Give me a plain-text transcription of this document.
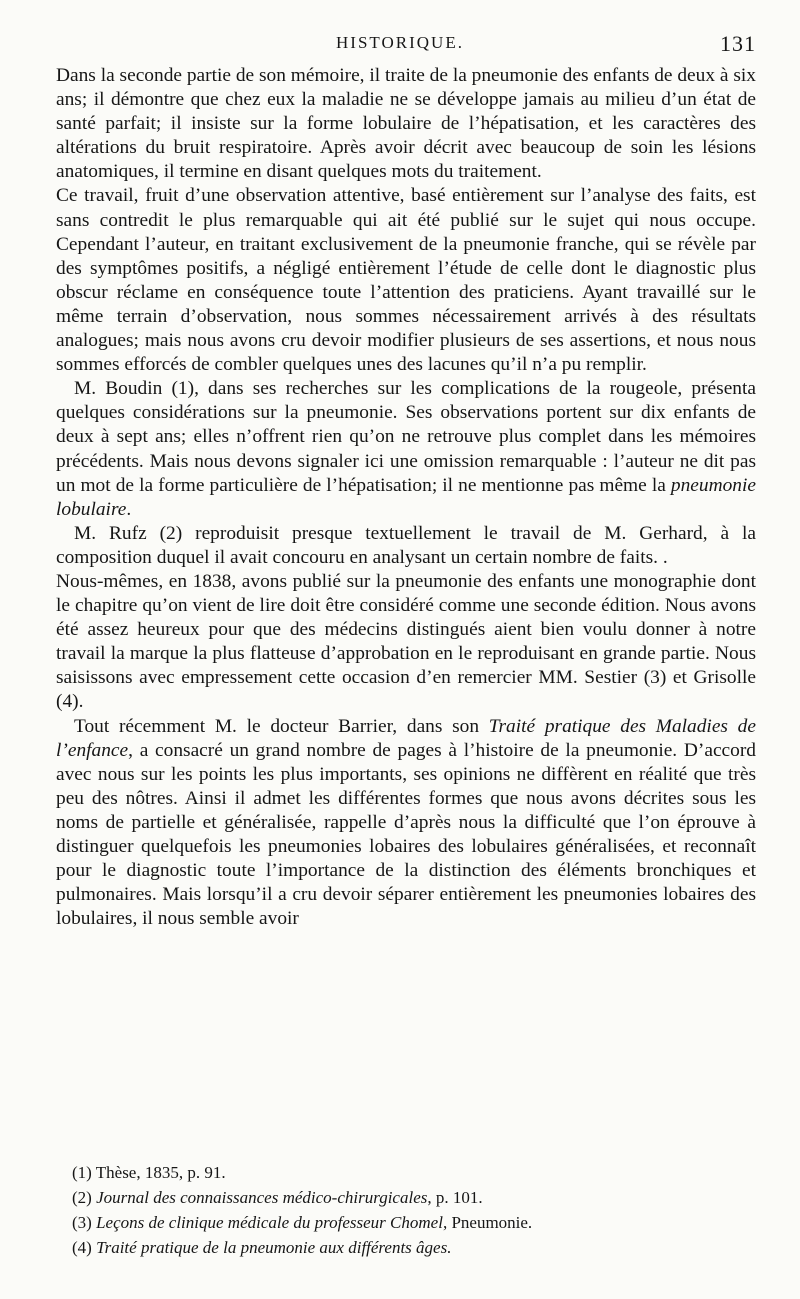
HISTORIQUE.	131

Dans la seconde partie de son mémoire, il traite de la pneumonie des enfants de deux à six ans; il démontre que chez eux la maladie ne se développe jamais au milieu d’un état de santé parfait; il insiste sur la forme lobulaire de l’hépatisation, et les caractères des altérations du bruit respiratoire. Après avoir décrit avec beaucoup de soin les lésions anatomiques, il termine en disant quelques mots du traitement.

Ce travail, fruit d’une observation attentive, basé entièrement sur l’analyse des faits, est sans contredit le plus remarquable qui ait été publié sur le sujet qui nous occupe. Cependant l’auteur, en traitant exclusivement de la pneumonie franche, qui se révèle par des symptômes positifs, a négligé entièrement l’étude de celle dont le diagnostic plus obscur réclame en conséquence toute l’attention des praticiens. Ayant travaillé sur le même terrain d’observation, nous sommes nécessairement arrivés à des résultats analogues; mais nous avons cru devoir modifier plusieurs de ses assertions, et nous nous sommes efforcés de combler quelques unes des lacunes qu’il n’a pu remplir.

M. Boudin (1), dans ses recherches sur les complications de la rougeole, présenta quelques considérations sur la pneumonie. Ses observations portent sur dix enfants de deux à sept ans; elles n’offrent rien qu’on ne retrouve plus complet dans les mémoires précédents. Mais nous devons signaler ici une omission remarquable : l’auteur ne dit pas un mot de la forme particulière de l’hépatisation; il ne mentionne pas même la pneumonie lobulaire.

M. Rufz (2) reproduisit presque textuellement le travail de M. Gerhard, à la composition duquel il avait concouru en analysant un certain nombre de faits. .

Nous-mêmes, en 1838, avons publié sur la pneumonie des enfants une monographie dont le chapitre qu’on vient de lire doit être considéré comme une seconde édition. Nous avons été assez heureux pour que des médecins distingués aient bien voulu donner à notre travail la marque la plus flatteuse d’approbation en le reproduisant en grande partie. Nous saisissons avec empressement cette occasion d’en remercier MM. Sestier (3) et Grisolle (4).

Tout récemment M. le docteur Barrier, dans son Traité pratique des Maladies de l’enfance, a consacré un grand nombre de pages à l’histoire de la pneumonie. D’accord avec nous sur les points les plus importants, ses opinions ne diffèrent en réalité que très peu des nôtres. Ainsi il admet les différentes formes que nous avons décrites sous les noms de partielle et généralisée, rappelle d’après nous la difficulté que l’on éprouve à distinguer quelquefois les pneumonies lobaires des lobulaires généralisées, et reconnaît pour le diagnostic toute l’importance de la distinction des éléments bronchiques et pulmonaires. Mais lorsqu’il a cru devoir séparer entièrement les pneumonies lobaires des lobulaires, il nous semble avoir

(1) Thèse, 1835, p. 91.

(2) Journal des connaissances médico-chirurgicales, p. 101.

(3) Leçons de clinique médicale du professeur Chomel, Pneumonie.

(4) Traité pratique de la pneumonie aux différents âges.
